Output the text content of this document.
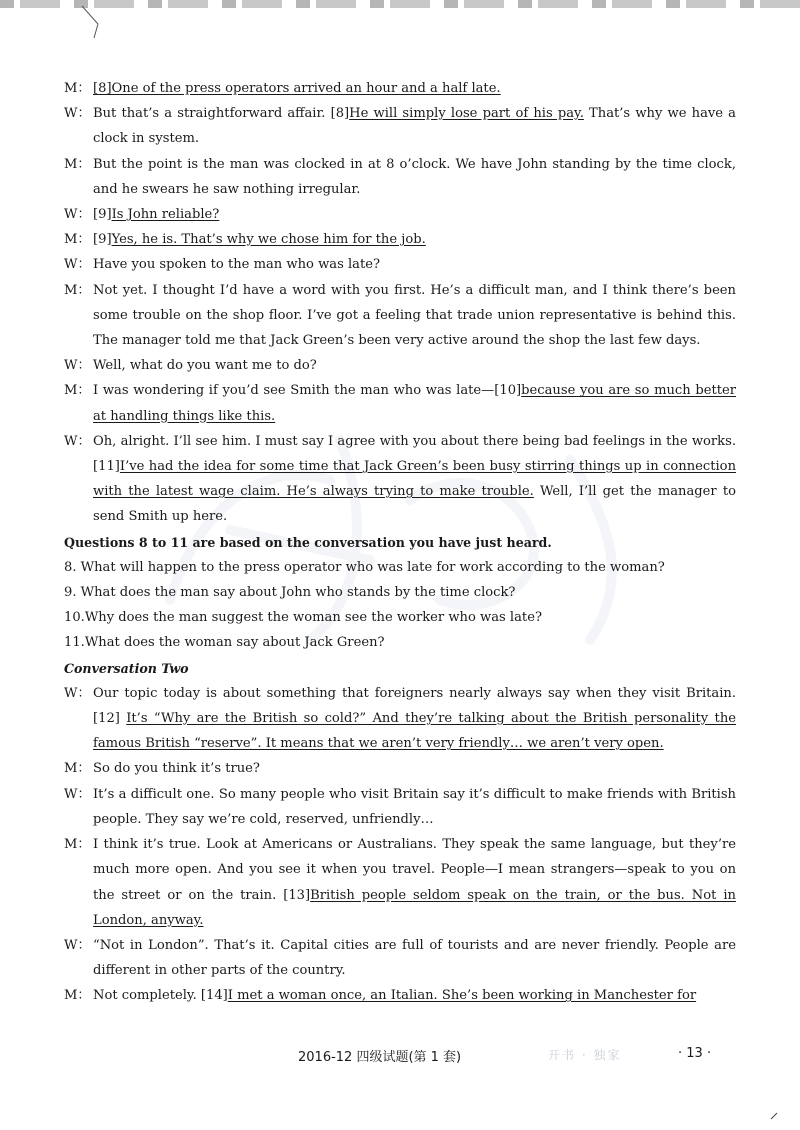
M： [8]One of the press operators arrived an hour and a half late.
W： But that’s a straightforward affair. [8]He will simply lose part of his pay. That’s why we have a clock in system.
M： But the point is the man was clocked in at 8 o’clock. We have John standing by the time clock, and he swears he saw nothing irregular.
W： [9]Is John reliable?
M： [9]Yes, he is. That’s why we chose him for the job.
W： Have you spoken to the man who was late?
M： Not yet. I thought I’d have a word with you first. He’s a difficult man, and I think there’s been some trouble on the shop floor. I’ve got a feeling that trade union representative is behind this. The manager told me that Jack Green’s been very active around the shop the last few days.
W： Well, what do you want me to do?
M： I was wondering if you’d see Smith the man who was late—[10]because you are so much better at handling things like this.
W： Oh, alright. I’ll see him. I must say I agree with you about there being bad feelings in the works. [11]I’ve had the idea for some time that Jack Green’s been busy stirring things up in connection with the latest wage claim. He’s always trying to make trouble. Well, I’ll get the manager to send Smith up here.
Questions 8 to 11 are based on the conversation you have just heard.
8. What will happen to the press operator who was late for work according to the woman?
9. What does the man say about John who stands by the time clock?
10.Why does the man suggest the woman see the worker who was late?
11.What does the woman say about Jack Green?
Conversation Two
W： Our topic today is about something that foreigners nearly always say when they visit Britain. [12] It’s “Why are the British so cold?” And they’re talking about the British personality the famous British “reserve”. It means that we aren’t very friendly… we aren’t very open.
M： So do you think it’s true?
W： It’s a difficult one. So many people who visit Britain say it’s difficult to make friends with British people. They say we’re cold, reserved, unfriendly…
M： I think it’s true. Look at Americans or Australians. They speak the same language, but they’re much more open. And you see it when you travel. People—I mean strangers—speak to you on the street or on the train. [13]British people seldom speak on the train, or the bus. Not in London, anyway.
W： “Not in London”. That’s it. Capital cities are full of tourists and are never friendly. People are different in other parts of the country.
M： Not completely. [14]I met a woman once, an Italian. She’s been working in Manchester for
2016-12 四级试题(第 1 套)	开书 · 独家	· 13 ·
